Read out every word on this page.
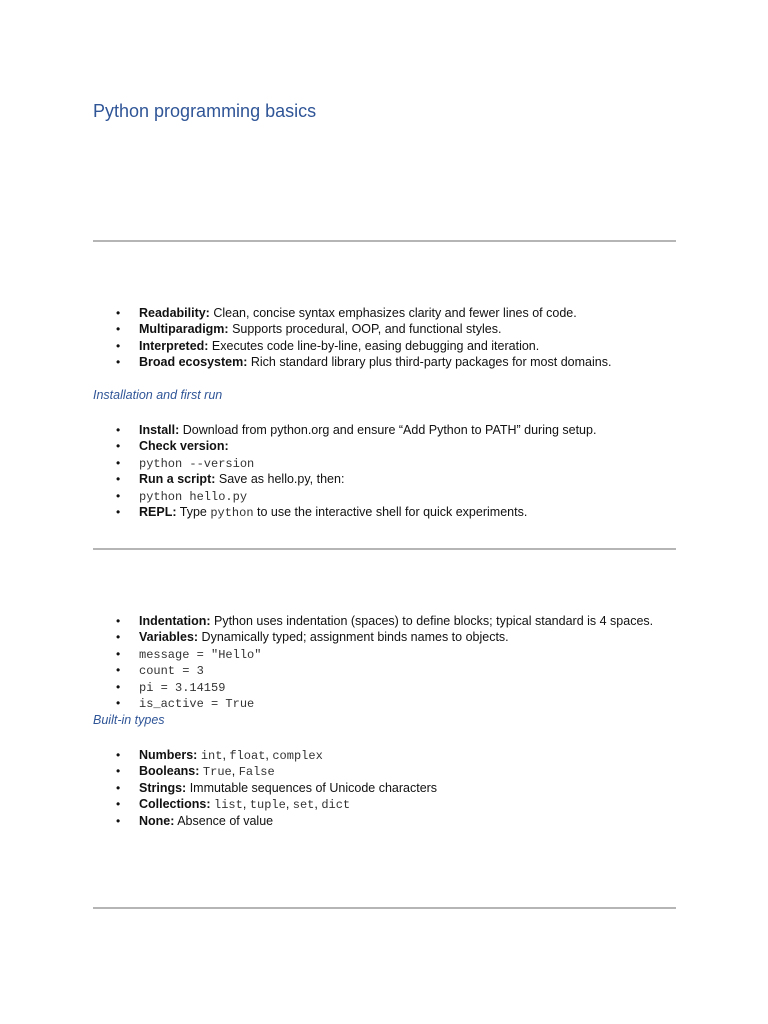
Python programming basics
• Readability: Clean, concise syntax emphasizes clarity and fewer lines of code.
• Multiparadigm: Supports procedural, OOP, and functional styles.
• Interpreted: Executes code line-by-line, easing debugging and iteration.
• Broad ecosystem: Rich standard library plus third-party packages for most domains.

Installation and first run

• Install: Download from python.org and ensure “Add Python to PATH” during setup.
• Check version:
• python --version
• Run a script: Save as hello.py, then:
• python hello.py
• REPL: Type python to use the interactive shell for quick experiments.
• Indentation: Python uses indentation (spaces) to define blocks; typical standard is 4 spaces.
• Variables: Dynamically typed; assignment binds names to objects.
• message = "Hello"
• count = 3
• pi = 3.14159
• is_active = True

Built-in types

• Numbers: int, float, complex
• Booleans: True, False
• Strings: Immutable sequences of Unicode characters
• Collections: list, tuple, set, dict
• None: Absence of value
